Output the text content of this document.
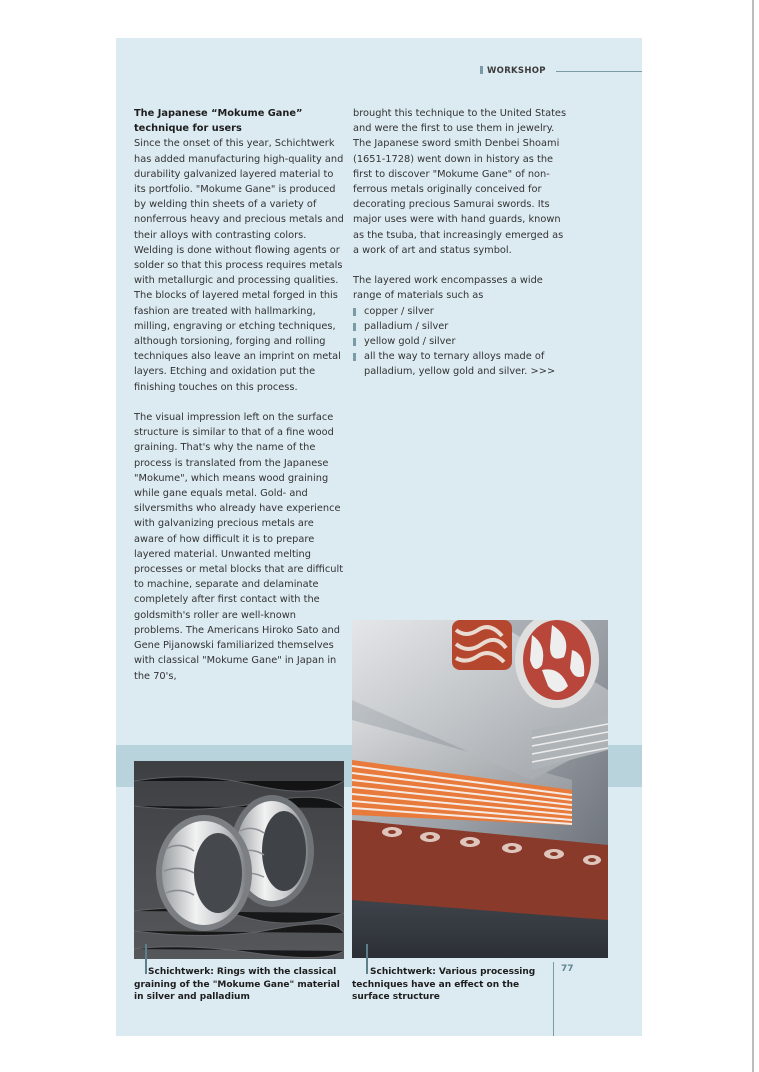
WORKSHOP

The Japanese “Mokume Gane”
technique for users

Since the onset of this year, Schichtwerk has added manufacturing high-quality and durability galvanized layered material to its portfolio. "Mokume Gane" is produced by welding thin sheets of a variety of nonferrous heavy and precious metals and their alloys with contrasting colors. Welding is done without flowing agents or solder so that this process requires metals with metallurgic and processing qualities. The blocks of layered metal forged in this fashion are treated with hallmarking, milling, engraving or etching techniques, although torsioning, forging and rolling techniques also leave an imprint on metal layers. Etching and oxidation put the finishing touches on this process.

The visual impression left on the surface structure is similar to that of a fine wood graining. That's why the name of the process is translated from the Japanese "Mokume", which means wood graining while gane equals metal. Gold- and silversmiths who already have experience with galvanizing precious metals are aware of how difficult it is to prepare layered material. Unwanted melting processes or metal blocks that are difficult to machine, separate and delaminate completely after first contact with the goldsmith's roller are well-known problems. The Americans Hiroko Sato and Gene Pijanowski familiarized themselves with classical "Mokume Gane" in Japan in the 70's,

brought this technique to the United States and were the first to use them in jewelry. The Japanese sword smith Denbei Shoami (1651-1728) went down in history as the first to discover "Mokume Gane" of non-ferrous metals originally conceived for decorating precious Samurai swords. Its major uses were with hand guards, known as the tsuba, that increasingly emerged as a work of art and status symbol.

The layered work encompasses a wide range of materials such as

copper / silver
palladium / silver
yellow gold / silver
all the way to ternary alloys made of palladium, yellow gold and silver. >>>
Schichtwerk: Rings with the classical graining of the "Mokume Gane" material in silver and palladium
Schichtwerk: Various processing techniques have an effect on the surface structure
77
